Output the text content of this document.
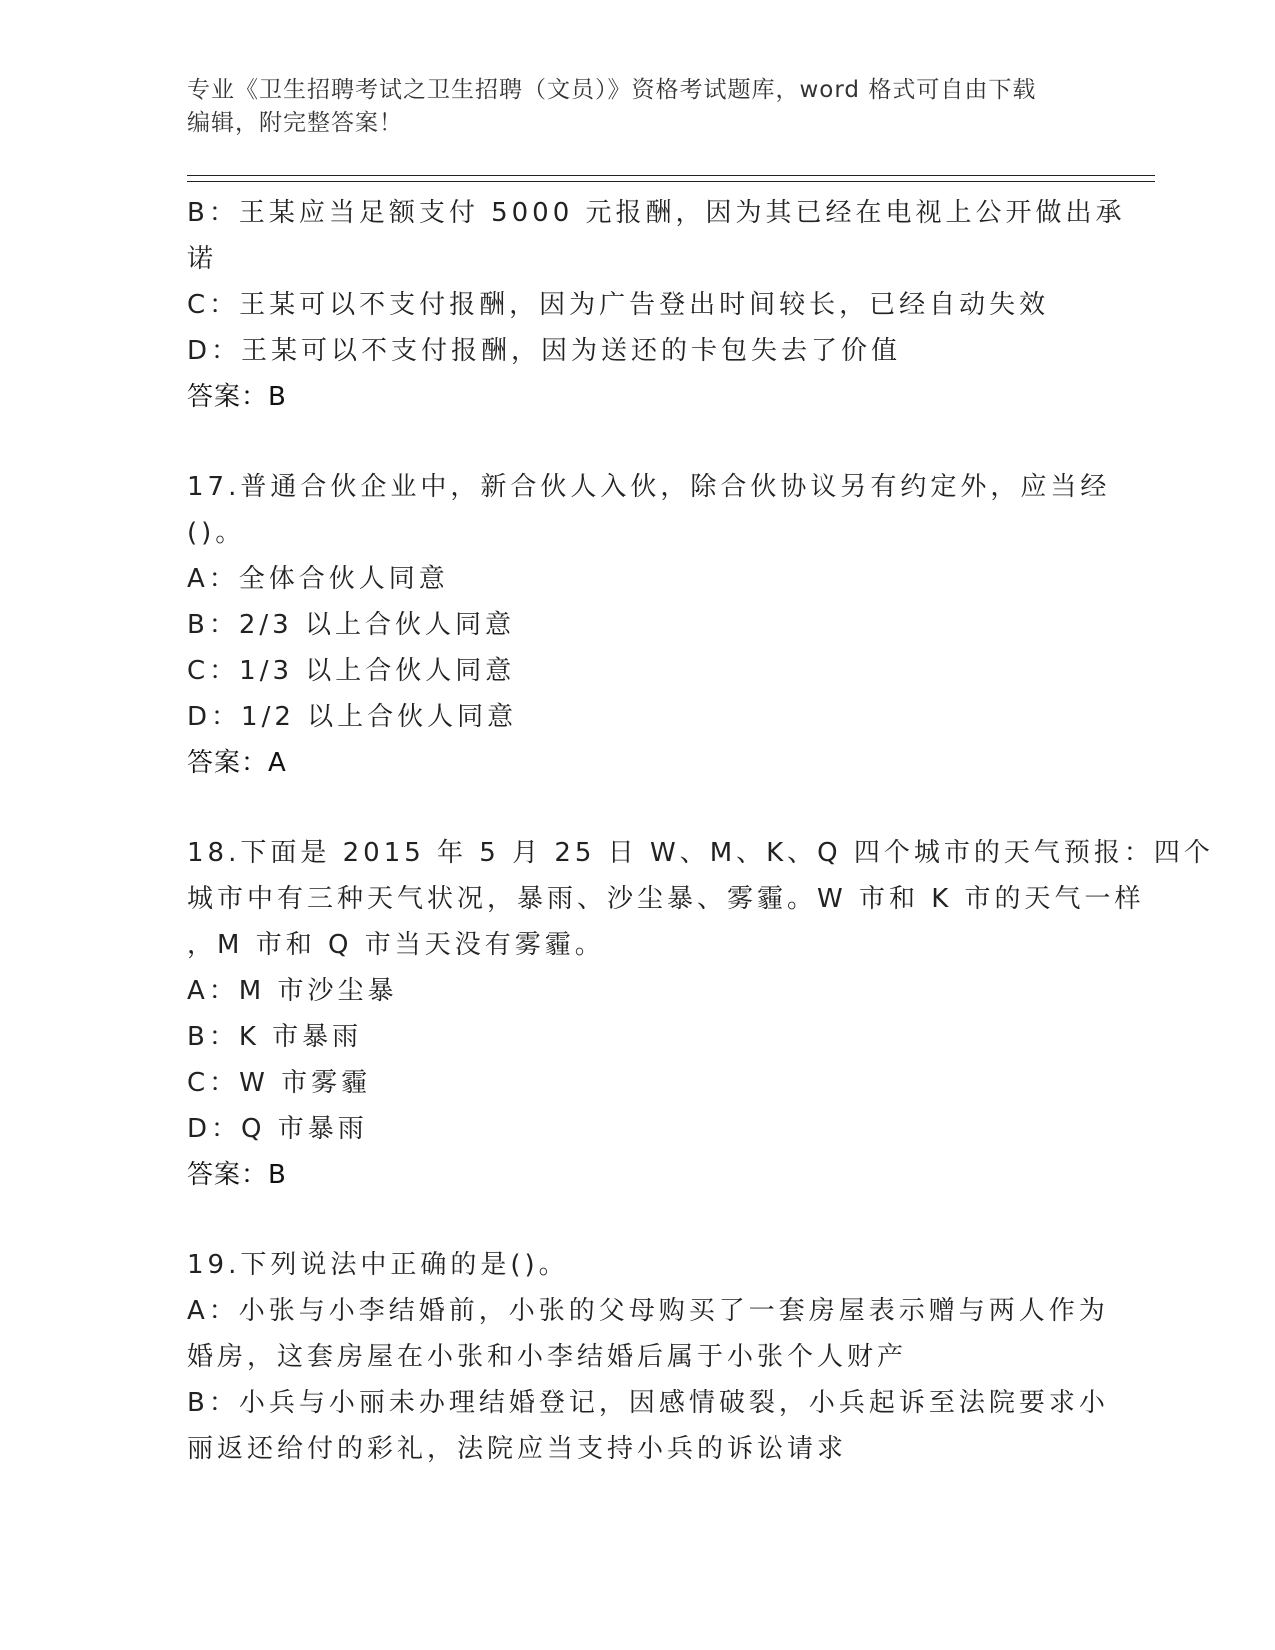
专业《卫生招聘考试之卫生招聘（文员）》资格考试题库，word 格式可自由下载
编辑，附完整答案！
B：王某应当足额支付 5000 元报酬，因为其已经在电视上公开做出承
诺
C：王某可以不支付报酬，因为广告登出时间较长，已经自动失效
D：王某可以不支付报酬，因为送还的卡包失去了价值
答案：B
17.普通合伙企业中，新合伙人入伙，除合伙协议另有约定外，应当经
()。
A：全体合伙人同意
B：2/3 以上合伙人同意
C：1/3 以上合伙人同意
D：1/2 以上合伙人同意
答案：A
18.下面是 2015 年 5 月 25 日 W、M、K、Q 四个城市的天气预报：四个
城市中有三种天气状况，暴雨、沙尘暴、雾霾。W 市和 K 市的天气一样
，M 市和 Q 市当天没有雾霾。
A：M 市沙尘暴
B：K 市暴雨
C：W 市雾霾
D：Q 市暴雨
答案：B
19.下列说法中正确的是()。
A：小张与小李结婚前，小张的父母购买了一套房屋表示赠与两人作为
婚房，这套房屋在小张和小李结婚后属于小张个人财产
B：小兵与小丽未办理结婚登记，因感情破裂，小兵起诉至法院要求小
丽返还给付的彩礼，法院应当支持小兵的诉讼请求
